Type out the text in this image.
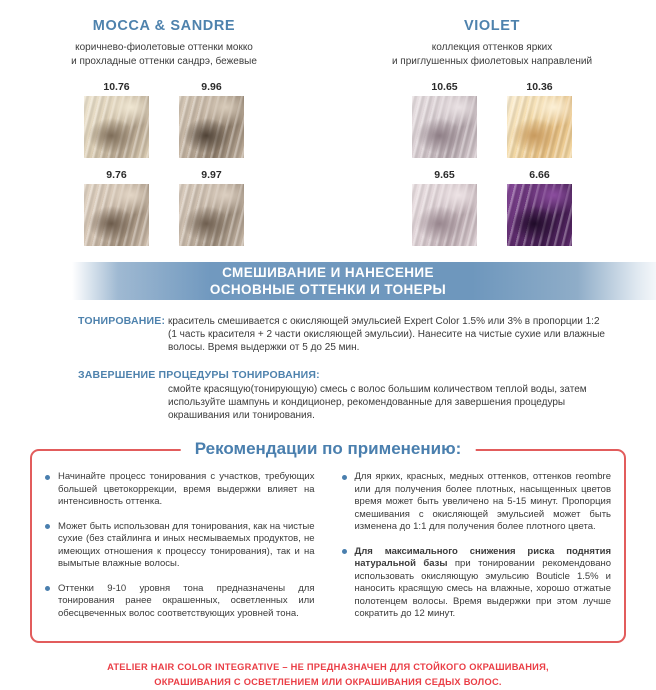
MOCCA & SANDRE

коричнево-фиолетовые оттенки мокко
и прохладные оттенки сандрэ, бежевые

10.76	9.96
9.76	9.97
VIOLET

коллекция оттенков ярких
и приглушенных фиолетовых направлений

10.65	10.36
9.65	6.66
СМЕШИВАНИЕ И НАНЕСЕНИЕ
ОСНОВНЫЕ ОТТЕНКИ И ТОНЕРЫ
ТОНИРОВАНИЕ: краситель смешивается с окисляющей эмульсией Expert Color 1.5% или 3% в пропорции 1:2 (1 часть красителя + 2 части окисляющей эмульсии). Нанесите на чистые сухие или влажные волосы. Время выдержки от 5 до 25 мин.
ЗАВЕРШЕНИЕ ПРОЦЕДУРЫ ТОНИРОВАНИЯ:
смойте красящую(тонирующую) смесь с волос большим количеством теплой воды, затем используйте шампунь и кондиционер, рекомендованные для завершения процедуры окрашивания или тонирования.
Рекомендации по применению:
Начинайте процесс тонирования с участков, требующих большей цветокоррекции, время выдержки влияет на интенсивность оттенка.
Может быть использован для тонирования, как на чистые сухие (без стайлинга и иных несмываемых продуктов, не имеющих отношения к процессу тонирования), так и на вымытые влажные волосы.
Оттенки 9-10 уровня тона предназначены для тонирования ранее окрашенных, осветленных или обесцвеченных волос соответствующих уровней тона.
Для ярких, красных, медных оттенков, оттенков reombre или для получения более плотных, насыщенных цветов время может быть увеличено на 5-15 минут. Пропорция смешивания с окисляющей эмульсией может быть изменена до 1:1 для получения более плотного цвета.
Для максимального снижения риска поднятия натуральной базы при тонировании рекомендовано использовать окисляющую эмульсию Bouticle 1.5% и наносить красящую смесь на влажные, хорошо отжатые полотенцем волосы. Время выдержки при этом лучше сократить до 12 минут.
ATELIER HAIR COLOR INTEGRATIVE – НЕ ПРЕДНАЗНАЧЕН ДЛЯ СТОЙКОГО ОКРАШИВАНИЯ,
ОКРАШИВАНИЯ С ОСВЕТЛЕНИЕМ ИЛИ ОКРАШИВАНИЯ СЕДЫХ ВОЛОС.
